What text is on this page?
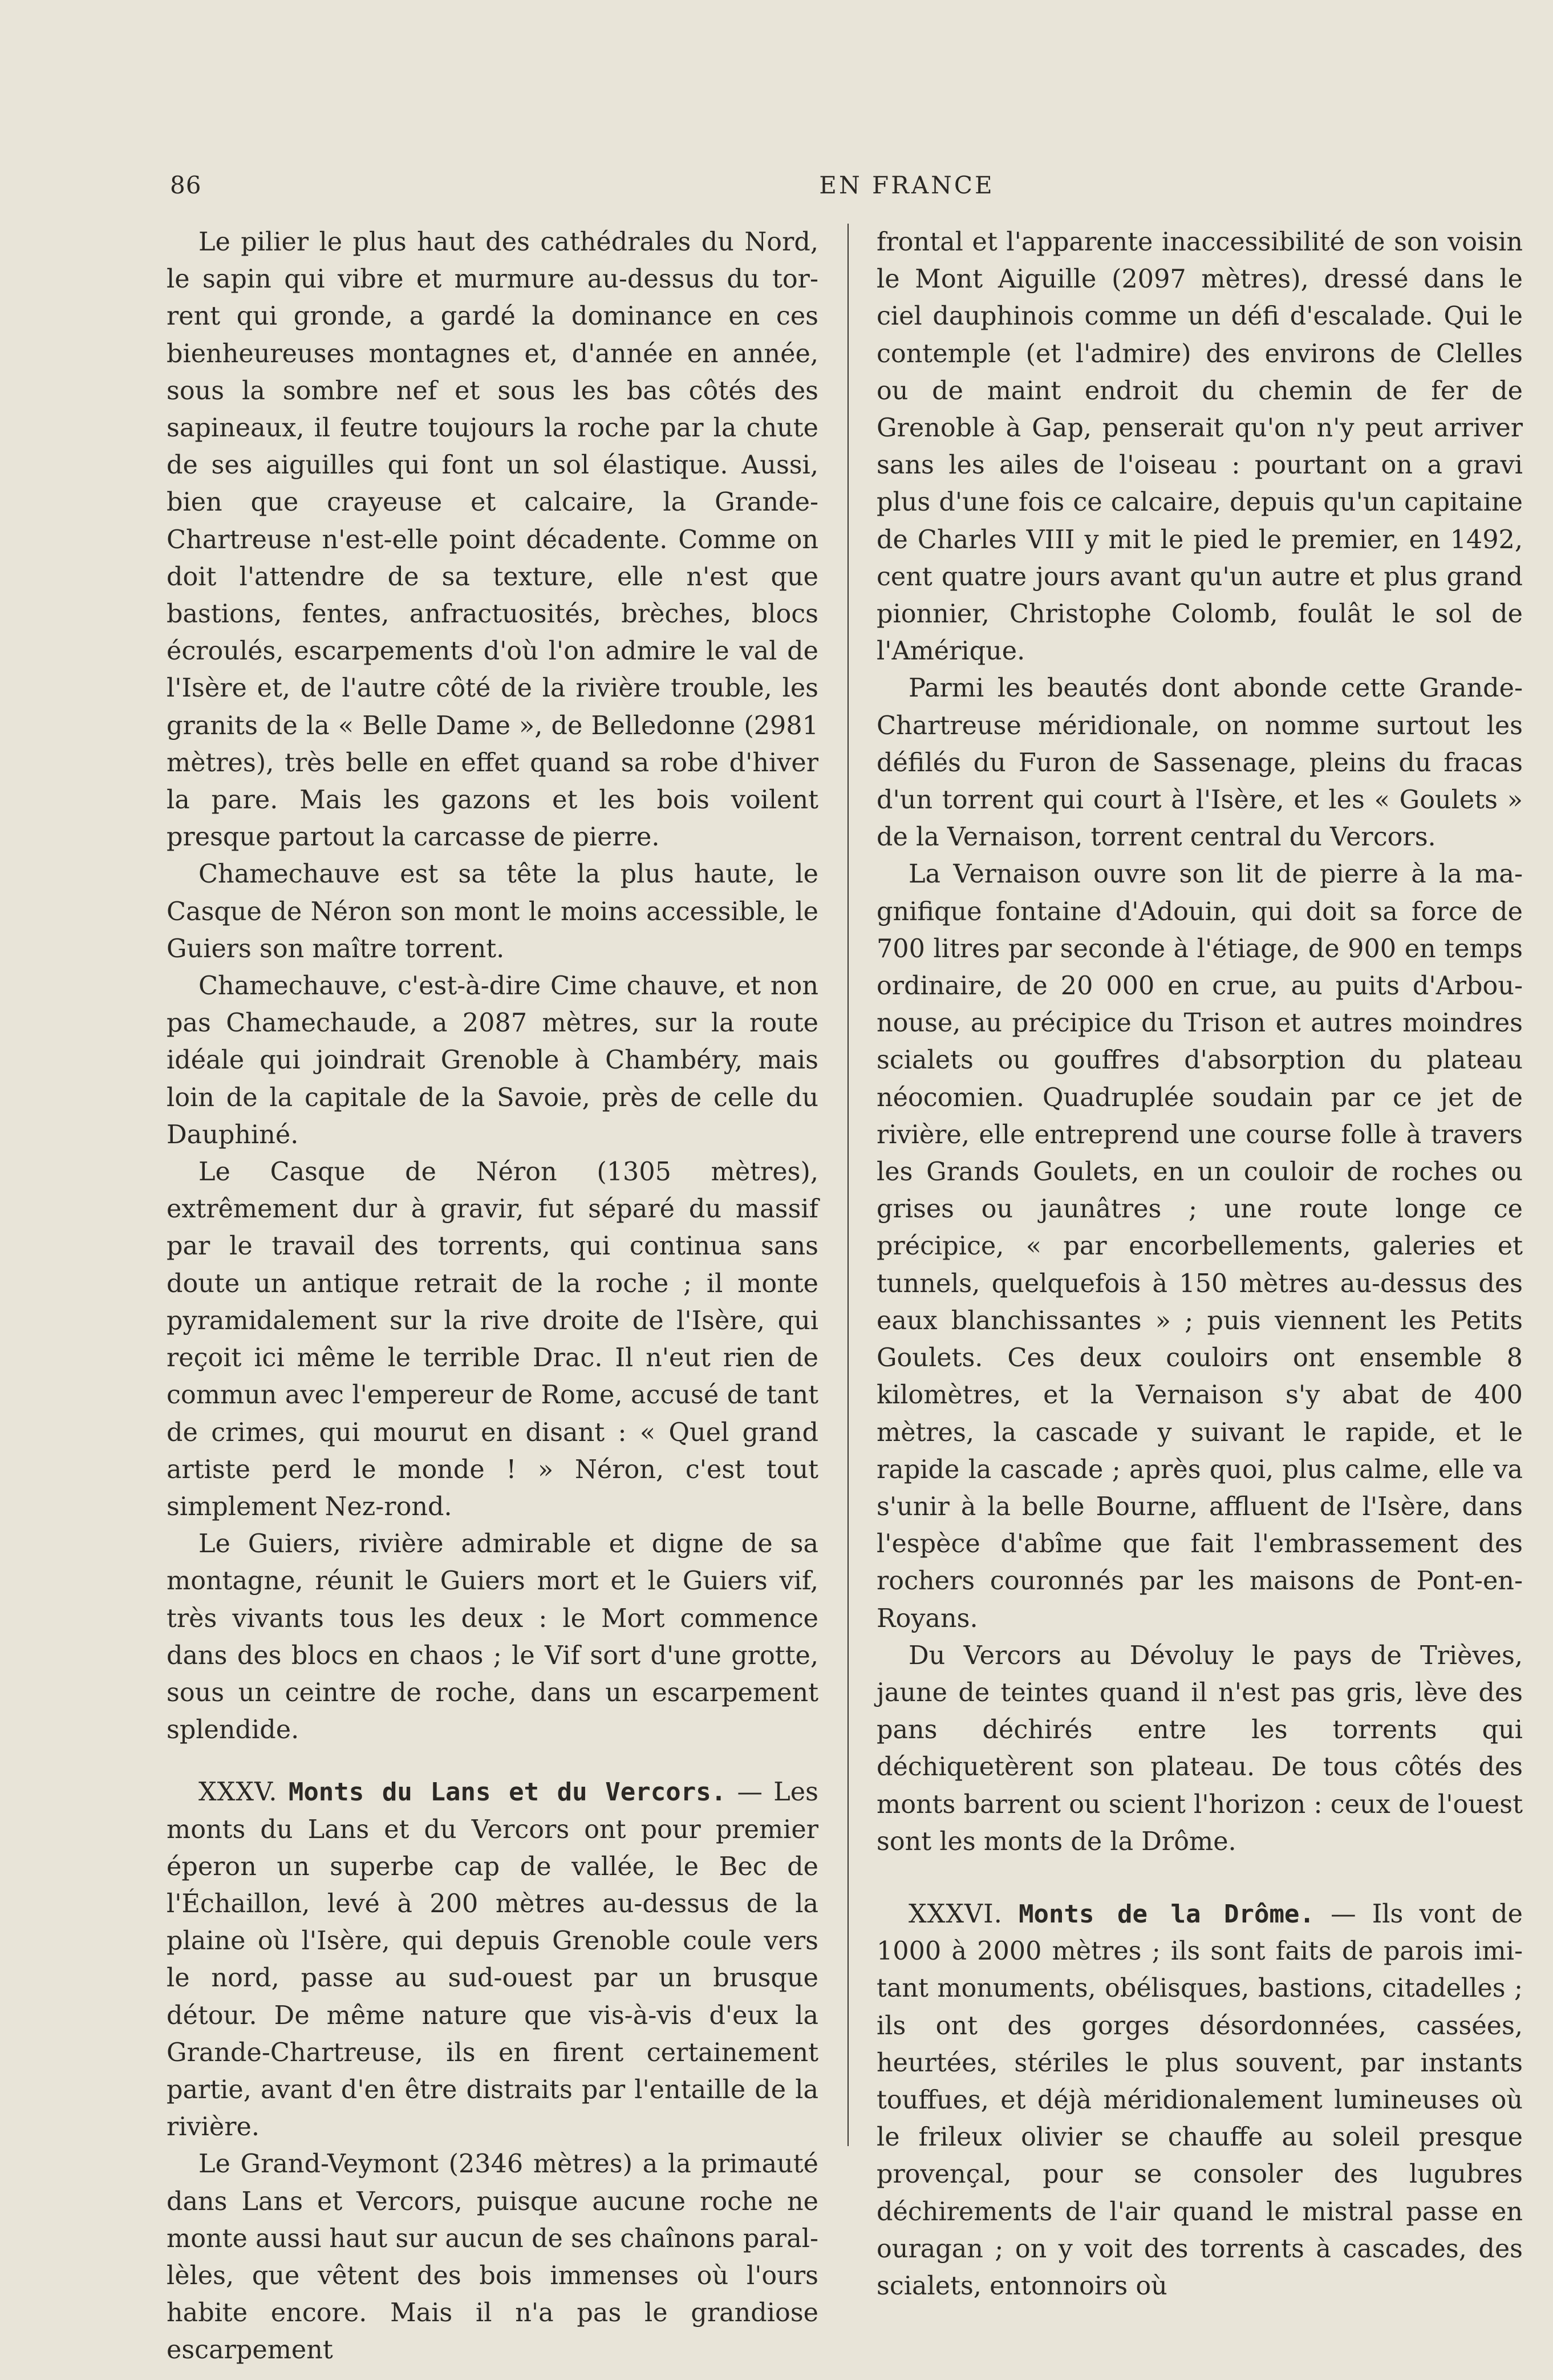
86	EN FRANCE

Le pilier le plus haut des cathédrales du Nord, le sapin qui vibre et murmure au-dessus du torrent qui gronde, a gardé la dominance en ces bienheureuses montagnes et, d'année en année, sous la sombre nef et sous les bas côtés des sapineaux, il feutre toujours la roche par la chute de ses aiguilles qui font un sol élastique. Aussi, bien que crayeuse et calcaire, la Grande-Chartreuse n'est-elle point décadente. Comme on doit l'attendre de sa texture, elle n'est que bastions, fentes, anfractuosités, brèches, blocs écroulés, escarpements d'où l'on admire le val de l'Isère et, de l'autre côté de la rivière trouble, les granits de la « Belle Dame », de Belledonne (2981 mètres), très belle en effet quand sa robe d'hiver la pare. Mais les gazons et les bois voilent presque partout la carcasse de pierre.

Chamechauve est sa tête la plus haute, le Casque de Néron son mont le moins accessible, le Guiers son maître torrent.

Chamechauve, c'est-à-dire Cime chauve, et non pas Chamechaude, a 2087 mètres, sur la route idéale qui joindrait Grenoble à Chambéry, mais loin de la capitale de la Savoie, près de celle du Dauphiné.

Le Casque de Néron (1305 mètres), extrêmement dur à gravir, fut séparé du massif par le travail des torrents, qui continua sans doute un antique retrait de la roche ; il monte pyramidalement sur la rive droite de l'Isère, qui reçoit ici même le terrible Drac. Il n'eut rien de commun avec l'empereur de Rome, accusé de tant de crimes, qui mourut en disant : « Quel grand artiste perd le monde ! » Néron, c'est tout simplement Nez-rond.

Le Guiers, rivière admirable et digne de sa montagne, réunit le Guiers mort et le Guiers vif, très vivants tous les deux : le Mort commence dans des blocs en chaos ; le Vif sort d'une grotte, sous un ceintre de roche, dans un escarpement splendide.

XXXV. Monts du Lans et du Vercors. — Les monts du Lans et du Vercors ont pour premier éperon un superbe cap de vallée, le Bec de l'Échaillon, levé à 200 mètres au-dessus de la plaine où l'Isère, qui depuis Grenoble coule vers le nord, passe au sud-ouest par un brusque détour. De même nature que vis-à-vis d'eux la Grande-Chartreuse, ils en firent certainement partie, avant d'en être distraits par l'entaille de la rivière.

Le Grand-Veymont (2346 mètres) a la primauté dans Lans et Vercors, puisque aucune roche ne monte aussi haut sur aucun de ses chaînons parallèles, que vêtent des bois immenses où l'ours habite encore. Mais il n'a pas le grandiose escarpement

frontal et l'apparente inaccessibilité de son voisin le Mont Aiguille (2097 mètres), dressé dans le ciel dauphinois comme un défi d'escalade. Qui le contemple (et l'admire) des environs de Clelles ou de maint endroit du chemin de fer de Grenoble à Gap, penserait qu'on n'y peut arriver sans les ailes de l'oiseau : pourtant on a gravi plus d'une fois ce calcaire, depuis qu'un capitaine de Charles VIII y mit le pied le premier, en 1492, cent quatre jours avant qu'un autre et plus grand pionnier, Christophe Colomb, foulât le sol de l'Amérique.

Parmi les beautés dont abonde cette Grande-Chartreuse méridionale, on nomme surtout les défilés du Furon de Sassenage, pleins du fracas d'un torrent qui court à l'Isère, et les « Goulets » de la Vernaison, torrent central du Vercors.

La Vernaison ouvre son lit de pierre à la magnifique fontaine d'Adouin, qui doit sa force de 700 litres par seconde à l'étiage, de 900 en temps ordinaire, de 20 000 en crue, au puits d'Arbounouse, au précipice du Trison et autres moindres scialets ou gouffres d'absorption du plateau néocomien. Quadruplée soudain par ce jet de rivière, elle entreprend une course folle à travers les Grands Goulets, en un couloir de roches ou grises ou jaunâtres ; une route longe ce précipice, « par encorbellements, galeries et tunnels, quelquefois à 150 mètres au-dessus des eaux blanchissantes » ; puis viennent les Petits Goulets. Ces deux couloirs ont ensemble 8 kilomètres, et la Vernaison s'y abat de 400 mètres, la cascade y suivant le rapide, et le rapide la cascade ; après quoi, plus calme, elle va s'unir à la belle Bourne, affluent de l'Isère, dans l'espèce d'abîme que fait l'embrassement des rochers couronnés par les maisons de Pont-en-Royans.

Du Vercors au Dévoluy le pays de Trièves, jaune de teintes quand il n'est pas gris, lève des pans déchirés entre les torrents qui déchiquetèrent son plateau. De tous côtés des monts barrent ou scient l'horizon : ceux de l'ouest sont les monts de la Drôme.

XXXVI. Monts de la Drôme. — Ils vont de 1000 à 2000 mètres ; ils sont faits de parois imitant monuments, obélisques, bastions, citadelles ; ils ont des gorges désordonnées, cassées, heurtées, stériles le plus souvent, par instants touffues, et déjà méridionalement lumineuses où le frileux olivier se chauffe au soleil presque provençal, pour se consoler des lugubres déchirements de l'air quand le mistral passe en ouragan ; on y voit des torrents à cascades, des scialets, entonnoirs où
